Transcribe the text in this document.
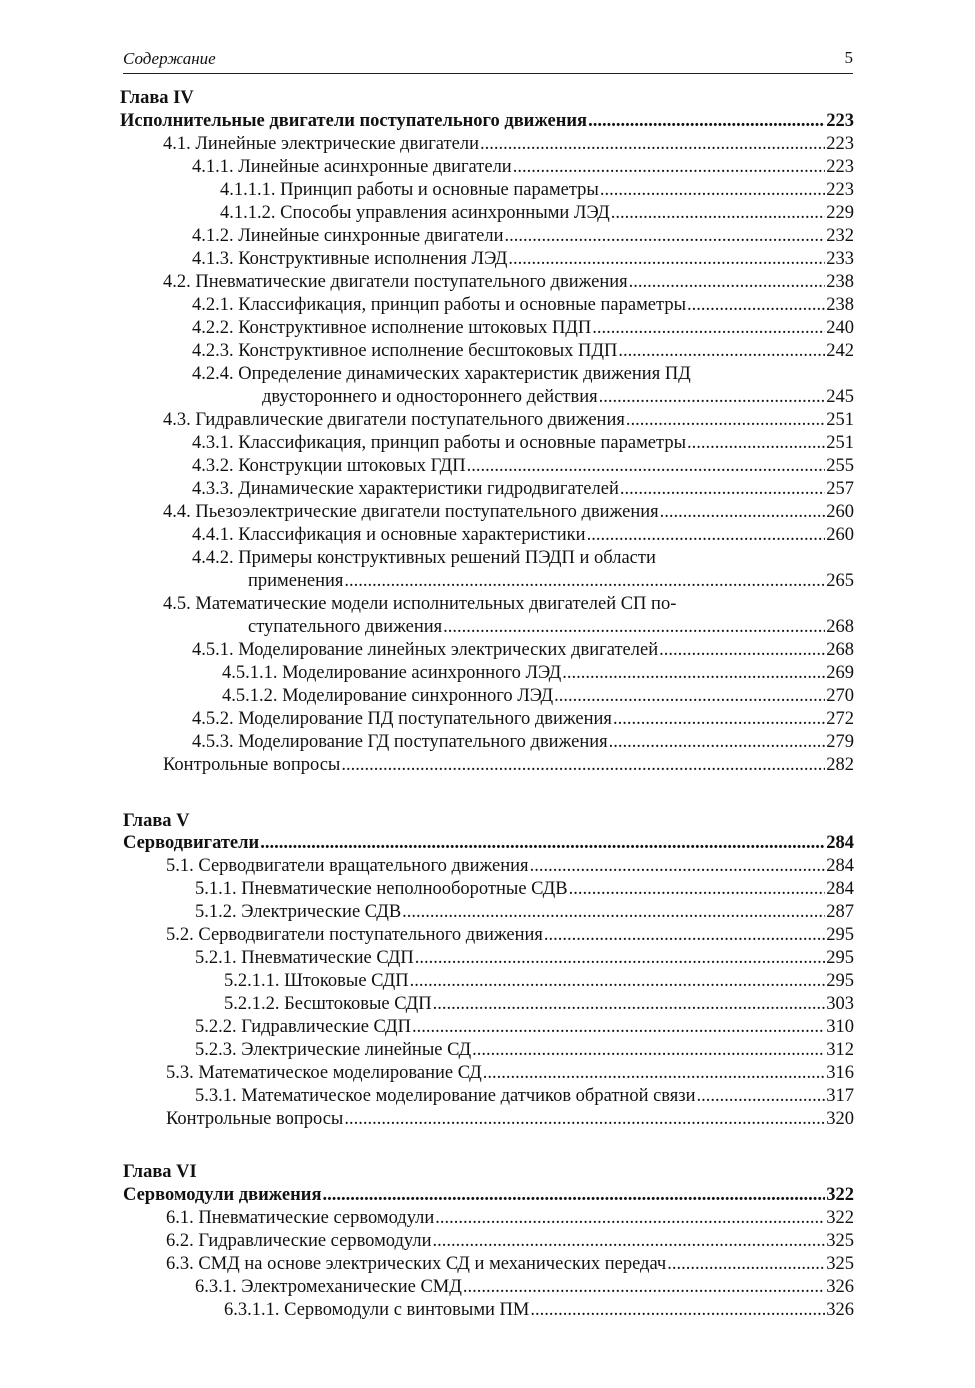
Содержание	5
Глава IV
Исполнительные двигатели поступательного движения .....	223
4.1. Линейные электрические двигатели .....	223
4.1.1. Линейные асинхронные двигатели .....	223
4.1.1.1. Принцип работы и основные параметры .....	223
4.1.1.2. Способы управления асинхронными ЛЭД .....	229
4.1.2. Линейные синхронные двигатели .....	232
4.1.3. Конструктивные исполнения ЛЭД .....	233
4.2. Пневматические двигатели поступательного движения .....	238
4.2.1. Классификация, принцип работы и основные параметры .....	238
4.2.2. Конструктивное исполнение штоковых ПДП .....	240
4.2.3. Конструктивное исполнение бесштоковых ПДП .....	242
4.2.4. Определение динамических характеристик движения ПД
двустороннего и одностороннего действия .....	245
4.3. Гидравлические двигатели поступательного движения .....	251
4.3.1. Классификация, принцип работы и основные параметры .....	251
4.3.2. Конструкции штоковых ГДП .....	255
4.3.3. Динамические характеристики гидродвигателей .....	257
4.4. Пьезоэлектрические двигатели поступательного движения .....	260
4.4.1. Классификация и основные характеристики .....	260
4.4.2. Примеры конструктивных решений ПЭДП и области
применения .....	265
4.5. Математические модели исполнительных двигателей СП по-
ступательного движения .....	268
4.5.1. Моделирование линейных электрических двигателей .....	268
4.5.1.1. Моделирование асинхронного ЛЭД .....	269
4.5.1.2. Моделирование синхронного ЛЭД .....	270
4.5.2. Моделирование ПД поступательного движения .....	272
4.5.3. Моделирование ГД поступательного движения .....	279
Контрольные вопросы .....	282
Глава V
Серводвигатели .....	284
5.1. Серводвигатели вращательного движения .....	284
5.1.1. Пневматические неполнооборотные СДВ .....	284
5.1.2. Электрические СДВ .....	287
5.2. Серводвигатели поступательного движения .....	295
5.2.1. Пневматические СДП .....	295
5.2.1.1. Штоковые СДП .....	295
5.2.1.2. Бесштоковые СДП .....	303
5.2.2. Гидравлические СДП .....	310
5.2.3. Электрические линейные СД .....	312
5.3. Математическое моделирование СД .....	316
5.3.1. Математическое моделирование датчиков обратной связи .....	317
Контрольные вопросы .....	320
Глава VI
Сервомодули движения .....	322
6.1. Пневматические сервомодули .....	322
6.2. Гидравлические сервомодули .....	325
6.3. СМД на основе электрических СД и механических передач .....	325
6.3.1. Электромеханические СМД .....	326
6.3.1.1. Сервомодули с винтовыми ПМ .....	326
